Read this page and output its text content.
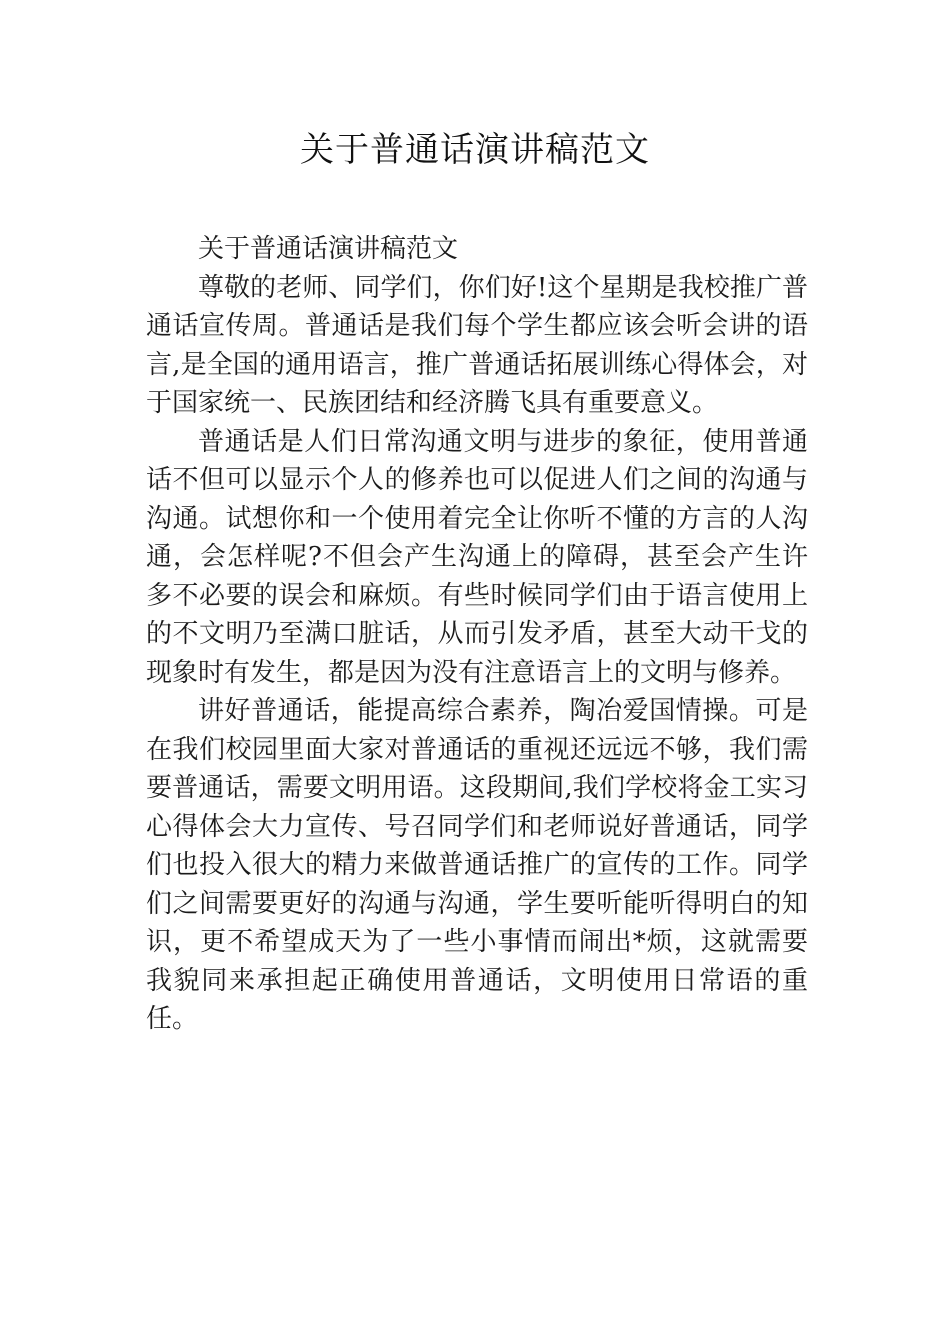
关于普通话演讲稿范文

关于普通话演讲稿范文

尊敬的老师、同学们，你们好!这个星期是我校推广普通话宣传周。普通话是我们每个学生都应该会听会讲的语言,是全国的通用语言，推广普通话拓展训练心得体会，对于国家统一、民族团结和经济腾飞具有重要意义。

普通话是人们日常沟通文明与进步的象征，使用普通话不但可以显示个人的修养也可以促进人们之间的沟通与沟通。试想你和一个使用着完全让你听不懂的方言的人沟通，会怎样呢?不但会产生沟通上的障碍，甚至会产生许多不必要的误会和麻烦。有些时候同学们由于语言使用上的不文明乃至满口脏话，从而引发矛盾，甚至大动干戈的现象时有发生，都是因为没有注意语言上的文明与修养。

讲好普通话，能提高综合素养，陶冶爱国情操。可是在我们校园里面大家对普通话的重视还远远不够，我们需要普通话，需要文明用语。这段期间,我们学校将金工实习心得体会大力宣传、号召同学们和老师说好普通话，同学们也投入很大的精力来做普通话推广的宣传的工作。同学们之间需要更好的沟通与沟通，学生要听能听得明白的知识，更不希望成天为了一些小事情而闹出*烦，这就需要我貌同来承担起正确使用普通话，文明使用日常语的重任。
